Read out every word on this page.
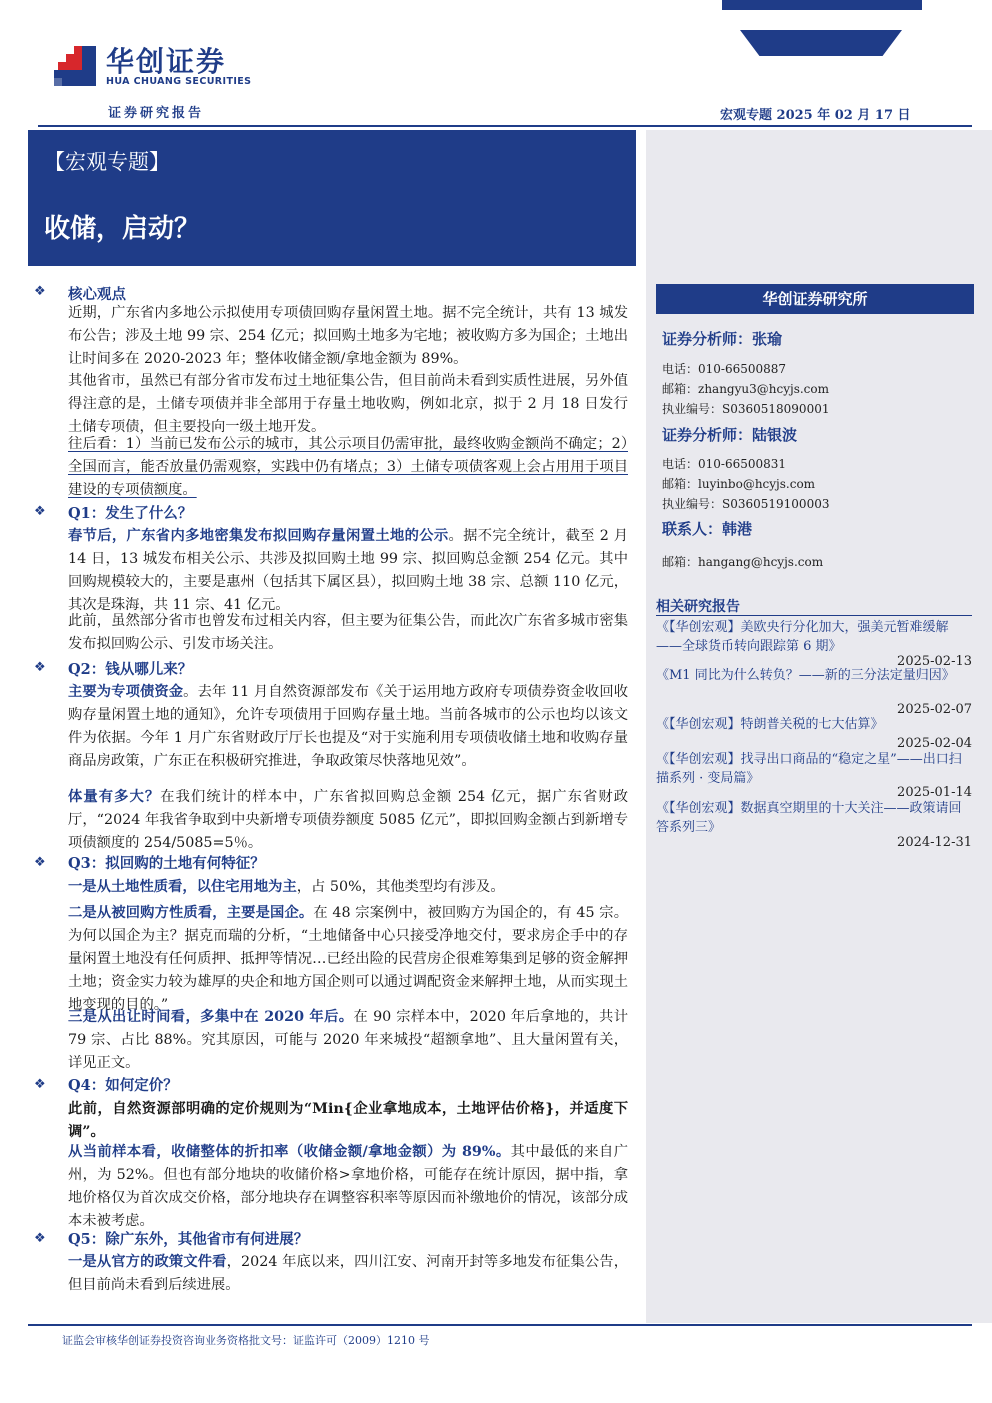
华创证券
HUA CHUANG SECURITIES
证券研究报告	宏观专题 2025 年 02 月 17 日
【宏观专题】
收储，启动？
华创证券研究所
证券分析师：张瑜
电话：010-66500887
邮箱：zhangyu3@hcyjs.com
执业编号：S0360518090001
证券分析师：陆银波
电话：010-66500831
邮箱：luyinbo@hcyjs.com
执业编号：S0360519100003
联系人：韩港
邮箱：hangang@hcyjs.com
相关研究报告
《【华创宏观】美欧央行分化加大，强美元暂难缓解——全球货币转向跟踪第 6 期》
2025-02-13
《M1 同比为什么转负？——新的三分法定量归因》
2025-02-07
《【华创宏观】特朗普关税的七大估算》
2025-02-04
《【华创宏观】找寻出口商品的“稳定之星”——出口扫描系列 · 变局篇》
2025-01-14
《【华创宏观】数据真空期里的十大关注——政策请回答系列三》
2024-12-31
❖ 核心观点
近期，广东省内多地公示拟使用专项债回购存量闲置土地。据不完全统计，共有 13 城发布公告；涉及土地 99 宗、254 亿元；拟回购土地多为宅地；被收购方多为国企；土地出让时间多在 2020-2023 年；整体收储金额/拿地金额为 89%。
其他省市，虽然已有部分省市发布过土地征集公告，但目前尚未看到实质性进展，另外值得注意的是，土储专项债并非全部用于存量土地收购，例如北京，拟于 2 月 18 日发行土储专项债，但主要投向一级土地开发。
往后看：1）当前已发布公示的城市，其公示项目仍需审批，最终收购金额尚不确定；2）全国而言，能否放量仍需观察，实践中仍有堵点；3）土储专项债客观上会占用用于项目建设的专项债额度。
❖ Q1：发生了什么？
春节后，广东省内多地密集发布拟回购存量闲置土地的公示。据不完全统计，截至 2 月 14 日，13 城发布相关公示、共涉及拟回购土地 99 宗、拟回购总金额 254 亿元。其中回购规模较大的，主要是惠州（包括其下属区县），拟回购土地 38 宗、总额 110 亿元，其次是珠海，共 11 宗、41 亿元。
此前，虽然部分省市也曾发布过相关内容，但主要为征集公告，而此次广东省多城市密集发布拟回购公示、引发市场关注。
❖ Q2：钱从哪儿来？
主要为专项债资金。去年 11 月自然资源部发布《关于运用地方政府专项债券资金收回收购存量闲置土地的通知》，允许专项债用于回购存量土地。当前各城市的公示也均以该文件为依据。今年 1 月广东省财政厅厅长也提及“对于实施利用专项债收储土地和收购存量商品房政策，广东正在积极研究推进，争取政策尽快落地见效”。
体量有多大？在我们统计的样本中，广东省拟回购总金额 254 亿元，据广东省财政厅，“2024 年我省争取到中央新增专项债券额度 5085 亿元”，即拟回购金额占到新增专项债额度的 254/5085=5％。
❖ Q3：拟回购的土地有何特征？
一是从土地性质看，以住宅用地为主，占 50%，其他类型均有涉及。
二是从被回购方性质看，主要是国企。在 48 宗案例中，被回购方为国企的，有 45 宗。为何以国企为主？据克而瑞的分析，“土地储备中心只接受净地交付，要求房企手中的存量闲置土地没有任何质押、抵押等情况…已经出险的民营房企很难筹集到足够的资金解押土地；资金实力较为雄厚的央企和地方国企则可以通过调配资金来解押土地，从而实现土地变现的目的。”
三是从出让时间看，多集中在 2020 年后。在 90 宗样本中，2020 年后拿地的，共计 79 宗、占比 88%。究其原因，可能与 2020 年来城投“超额拿地”、且大量闲置有关，详见正文。
❖ Q4：如何定价？
此前，自然资源部明确的定价规则为“Min{企业拿地成本，土地评估价格}，并适度下调”。
从当前样本看，收储整体的折扣率（收储金额/拿地金额）为 89%。其中最低的来自广州，为 52%。但也有部分地块的收储价格>拿地价格，可能存在统计原因，据中指，拿地价格仅为首次成交价格，部分地块存在调整容积率等原因而补缴地价的情况，该部分成本未被考虑。
❖ Q5：除广东外，其他省市有何进展？
一是从官方的政策文件看，2024 年底以来，四川江安、河南开封等多地发布征集公告，但目前尚未看到后续进展。
证监会审核华创证券投资咨询业务资格批文号：证监许可（2009）1210 号
